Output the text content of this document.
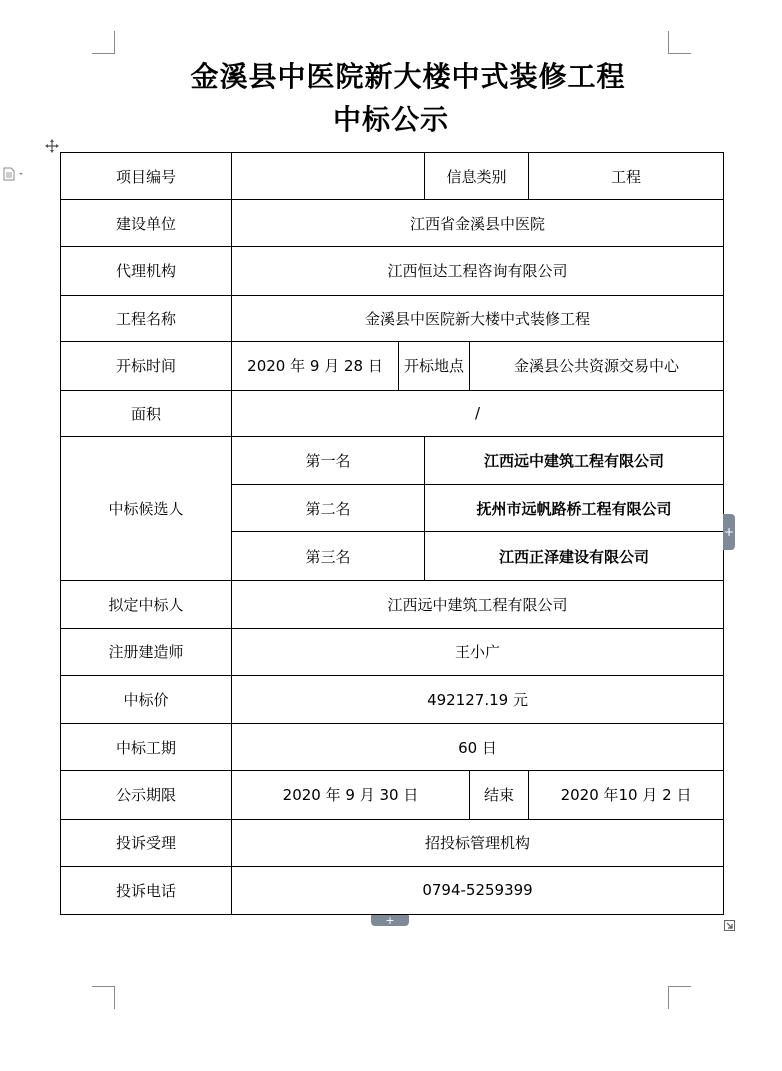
金溪县中医院新大楼中式装修工程
中标公示
项目编号			信息类别		工程
建设单位	江西省金溪县中医院				
代理机构	江西恒达工程咨询有限公司				
工程名称	金溪县中医院新大楼中式装修工程				
开标时间	2020 年 9 月 28 日	开标地点		金溪县公共资源交易中心	
面积	/				
中标候选人	第一名		江西远中建筑工程有限公司		
	第二名		抚州市远帆路桥工程有限公司		
	第三名		江西正泽建设有限公司		
拟定中标人	江西远中建筑工程有限公司				
注册建造师	王小广				
中标价	492127.19 元				
中标工期	60 日				
公示期限	2020 年 9 月 30 日			结束	2020 年10 月 2 日
投诉受理	招投标管理机构				
投诉电话	0794-5259399				
+
+
